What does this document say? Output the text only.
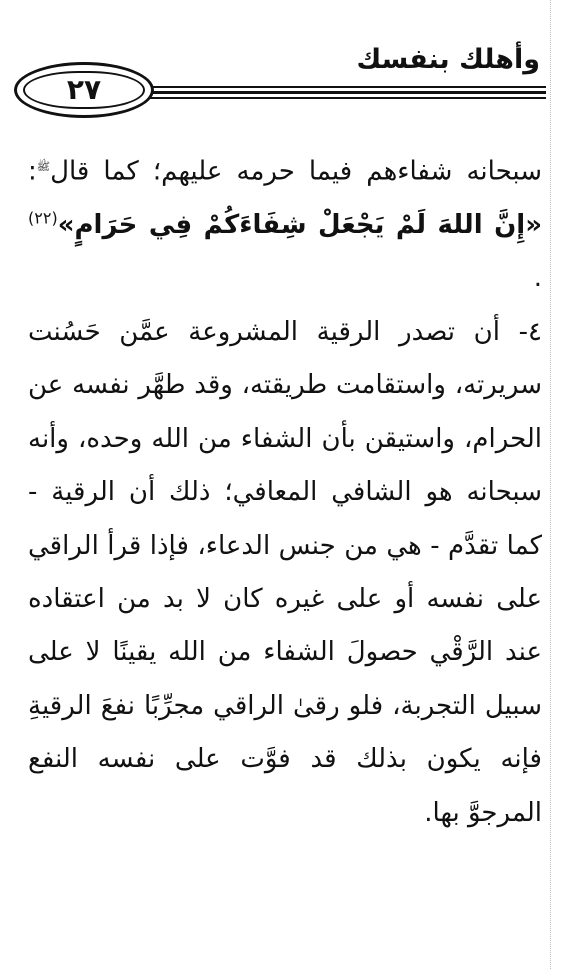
وأهلك بنفسك
٢٧

سبحانه شفاءهم فيما حرمه عليهم؛ كما قال$^ﷺ$: «إِنَّ اللهَ لَمْ يَجْعَلْ شِفَاءَكُمْ فِي حَرَامٍ»$^{(٢٢)}$ .

٤- أن تصدر الرقية المشروعة عمَّن حَسُنت سريرته، واستقامت طريقته، وقد طهَّر نفسه عن الحرام، واستيقن بأن الشفاء من الله وحده، وأنه سبحانه هو الشافي المعافي؛ ذلك أن الرقية - كما تقدَّم - هي من جنس الدعاء، فإذا قرأ الراقي على نفسه أو على غيره كان لا بد من اعتقاده عند الرَّقْي حصولَ الشفاء من الله يقينًا لا على سبيل التجربة، فلو رقىٰ الراقي مجرِّبًا نفعَ الرقيةِ فإنه يكون بذلك قد فوَّت على نفسه النفع المرجوَّ بها.
